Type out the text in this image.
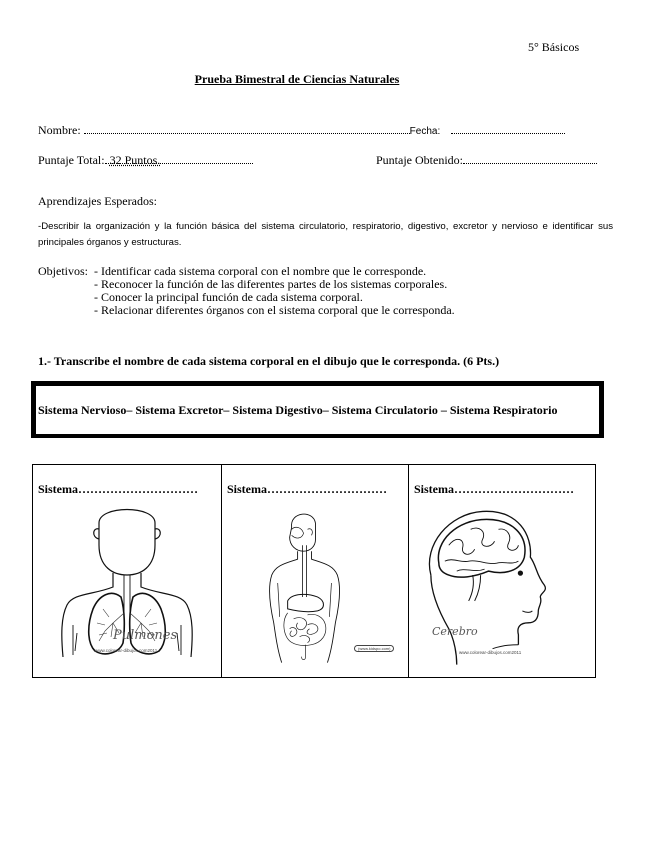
5° Básicos
Prueba Bimestral de Ciencias Naturales
Nombre:	Fecha:
Puntaje Total: 32 Puntos.	Puntaje Obtenido:
Aprendizajes Esperados:
-Describir la organización y la función básica del sistema circulatorio, respiratorio, digestivo, excretor y nervioso e identificar sus principales órganos y estructuras.
Objetivos: - Identificar cada sistema corporal con el nombre que le corresponde.
- Reconocer la función de las diferentes partes de los sistemas corporales.
- Conocer la principal función de cada sistema corporal.
- Relacionar diferentes órganos con el sistema corporal que le corresponda.
1.- Transcribe el nombre de cada sistema corporal en el dibujo que le corresponda. (6 Pts.)
Sistema Nervioso– Sistema Excretor– Sistema Digestivo– Sistema Circulatorio – Sistema Respiratorio
Sistema…………………………
Pulmones
www.colorear-dibujos.com2011
Sistema…………………………
(www.kidspo.com)
Sistema…………………………
Cerebro
www.colorear-dibujos.com2011
